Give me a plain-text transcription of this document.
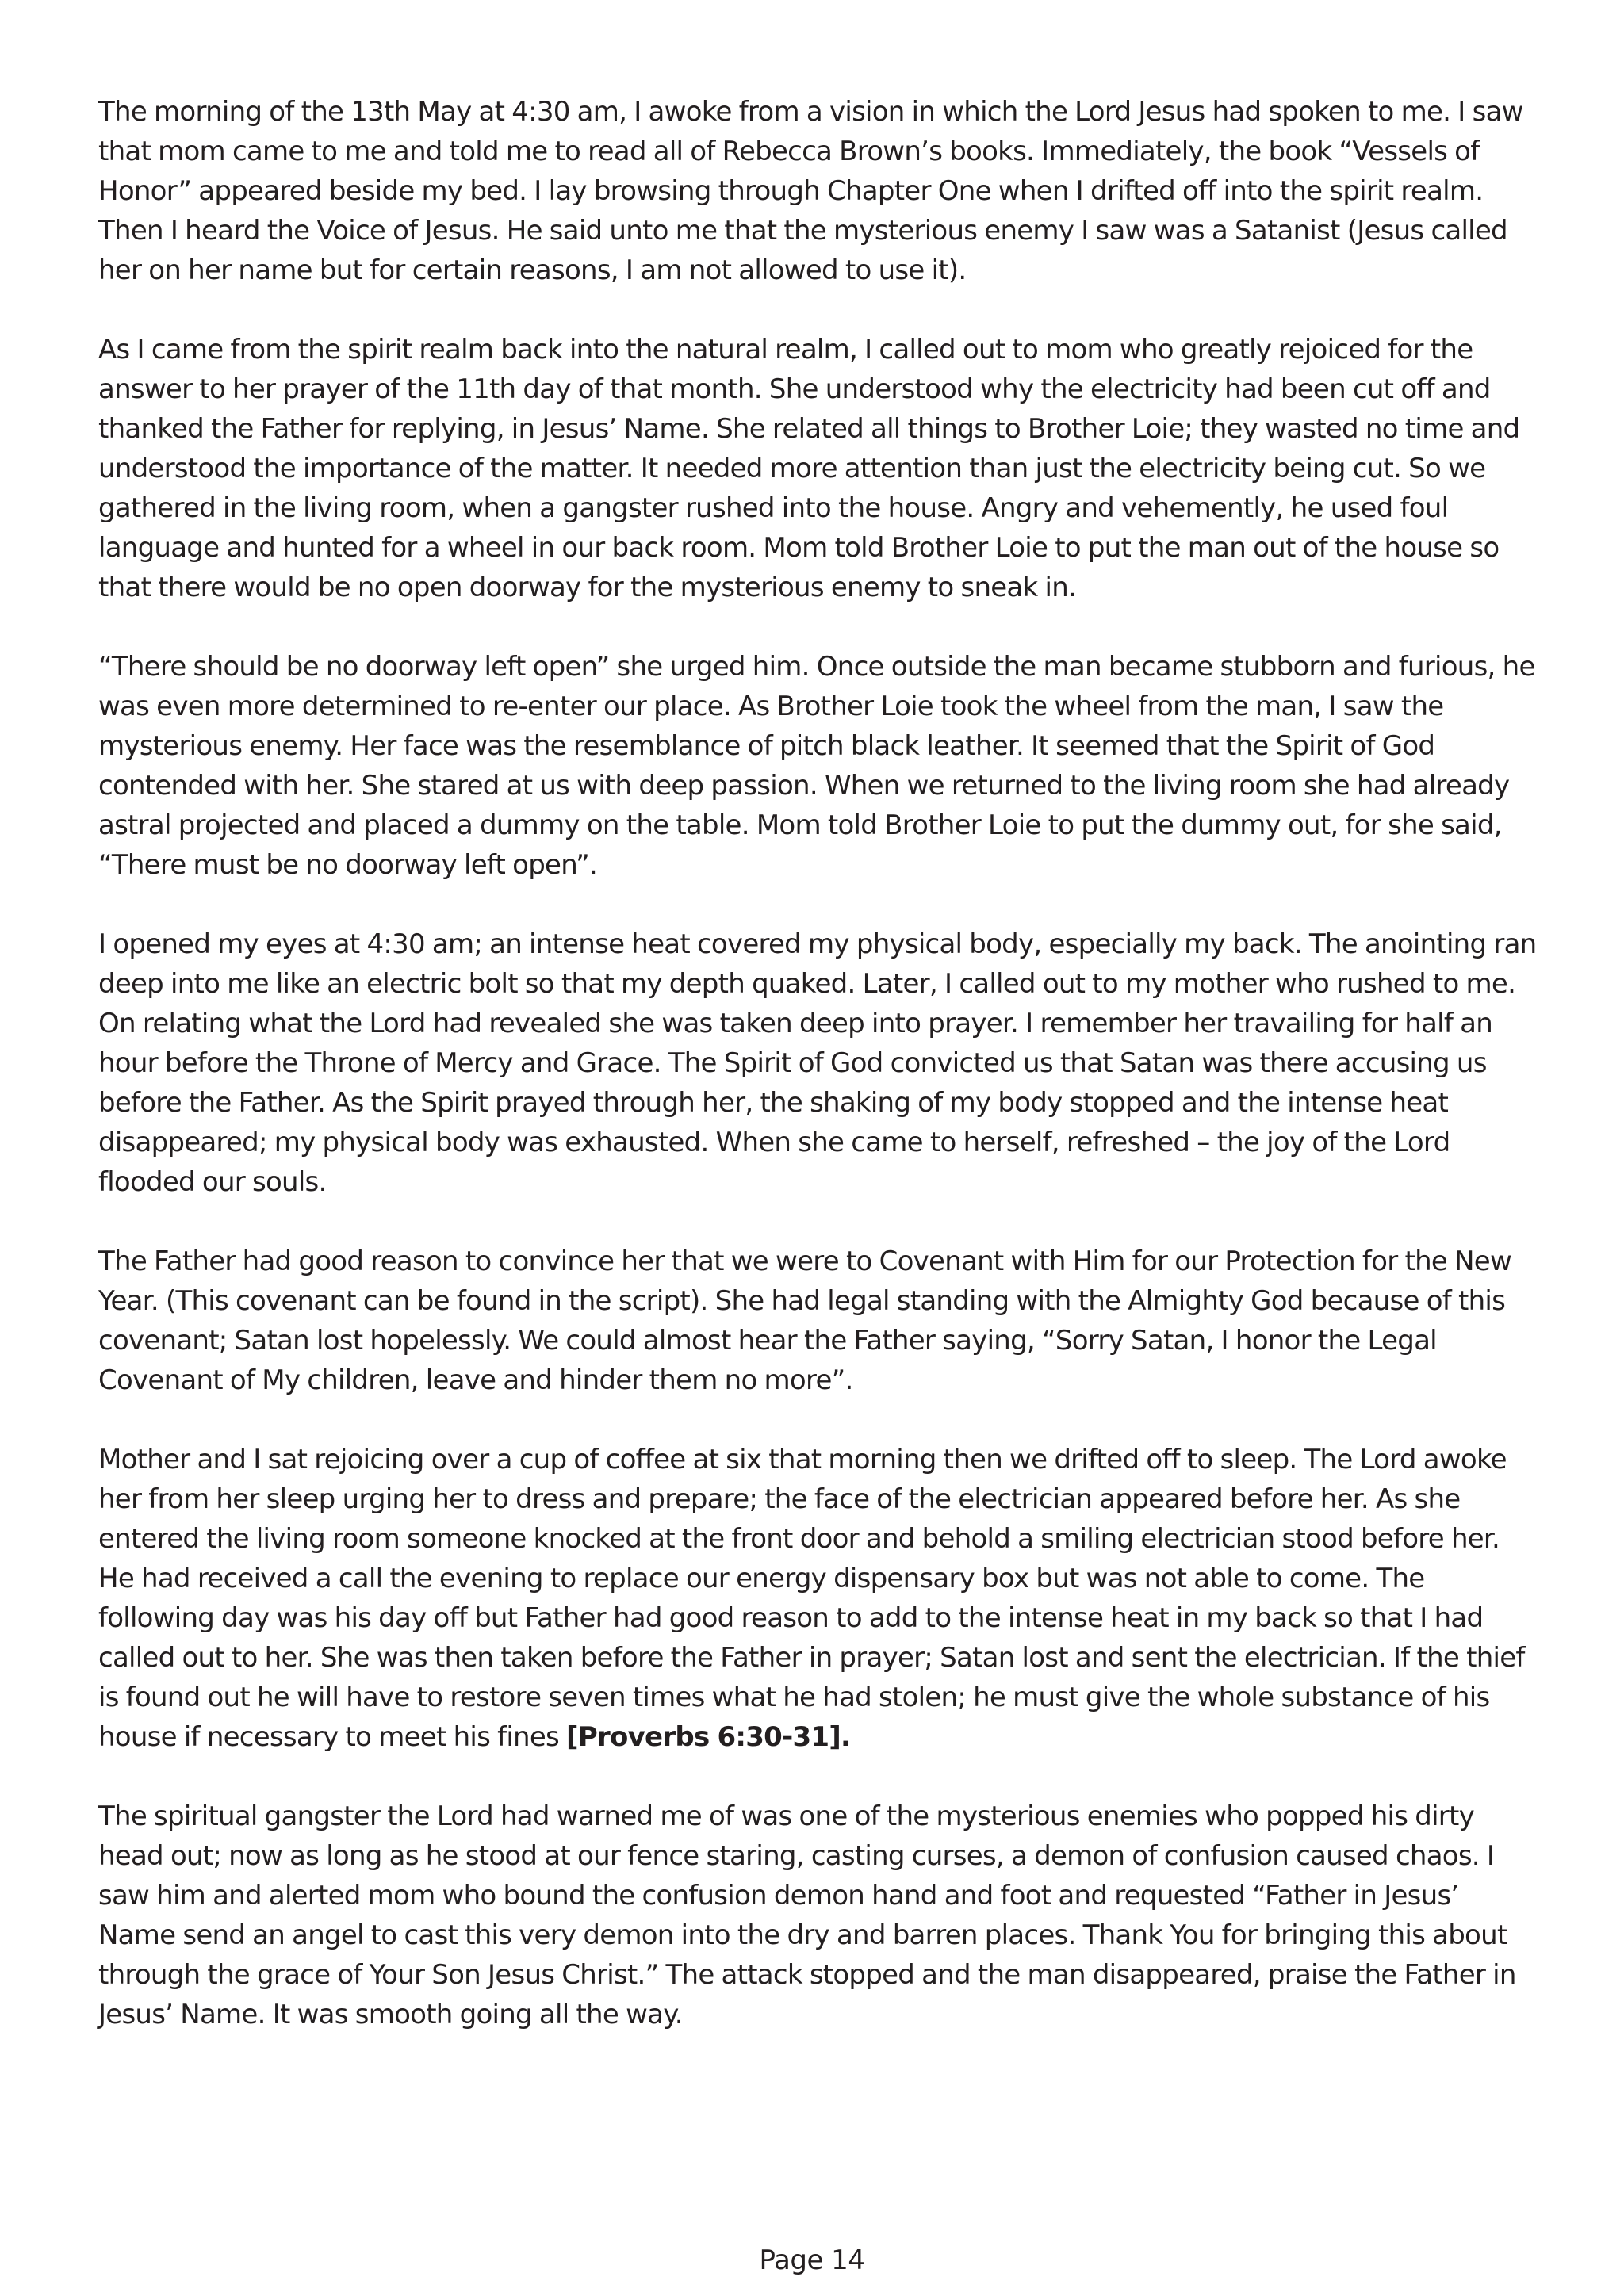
The morning of the 13th May at 4:30 am, I awoke from a vision in which the Lord Jesus had spoken to me. I saw that mom came to me and told me to read all of Rebecca Brown’s books. Immediately, the book “Vessels of Honor” appeared beside my bed. I lay browsing through Chapter One when I drifted off into the spirit realm. Then I heard the Voice of Jesus. He said unto me that the mysterious enemy I saw was a Satanist (Jesus called her on her name but for certain reasons, I am not allowed to use it).

As I came from the spirit realm back into the natural realm, I called out to mom who greatly rejoiced for the answer to her prayer of the 11th day of that month. She understood why the electricity had been cut off and thanked the Father for replying, in Jesus’ Name. She related all things to Brother Loie; they wasted no time and understood the importance of the matter. It needed more attention than just the electricity being cut. So we gathered in the living room, when a gangster rushed into the house. Angry and vehemently, he used foul language and hunted for a wheel in our back room. Mom told Brother Loie to put the man out of the house so that there would be no open doorway for the mysterious enemy to sneak in.

“There should be no doorway left open” she urged him. Once outside the man became stubborn and furious, he was even more determined to re-enter our place. As Brother Loie took the wheel from the man, I saw the mysterious enemy. Her face was the resemblance of pitch black leather. It seemed that the Spirit of God contended with her. She stared at us with deep passion. When we returned to the living room she had already astral projected and placed a dummy on the table. Mom told Brother Loie to put the dummy out, for she said, “There must be no doorway left open”.

I opened my eyes at 4:30 am; an intense heat covered my physical body, especially my back. The anointing ran deep into me like an electric bolt so that my depth quaked. Later, I called out to my mother who rushed to me. On relating what the Lord had revealed she was taken deep into prayer. I remember her travailing for half an hour before the Throne of Mercy and Grace. The Spirit of God convicted us that Satan was there accusing us before the Father. As the Spirit prayed through her, the shaking of my body stopped and the intense heat disappeared; my physical body was exhausted. When she came to herself, refreshed – the joy of the Lord flooded our souls.

The Father had good reason to convince her that we were to Covenant with Him for our Protection for the New Year. (This covenant can be found in the script). She had legal standing with the Almighty God because of this covenant; Satan lost hopelessly. We could almost hear the Father saying, “Sorry Satan, I honor the Legal Covenant of My children, leave and hinder them no more”.

Mother and I sat rejoicing over a cup of coffee at six that morning then we drifted off to sleep. The Lord awoke her from her sleep urging her to dress and prepare; the face of the electrician appeared before her. As she entered the living room someone knocked at the front door and behold a smiling electrician stood before her. He had received a call the evening to replace our energy dispensary box but was not able to come. The following day was his day off but Father had good reason to add to the intense heat in my back so that I had called out to her. She was then taken before the Father in prayer; Satan lost and sent the electrician. If the thief is found out he will have to restore seven times what he had stolen; he must give the whole substance of his house if necessary to meet his fines [Proverbs 6:30-31].

The spiritual gangster the Lord had warned me of was one of the mysterious enemies who popped his dirty head out; now as long as he stood at our fence staring, casting curses, a demon of confusion caused chaos. I saw him and alerted mom who bound the confusion demon hand and foot and requested “Father in Jesus’ Name send an angel to cast this very demon into the dry and barren places. Thank You for bringing this about through the grace of Your Son Jesus Christ.” The attack stopped and the man disappeared, praise the Father in Jesus’ Name. It was smooth going all the way.

Page 14
